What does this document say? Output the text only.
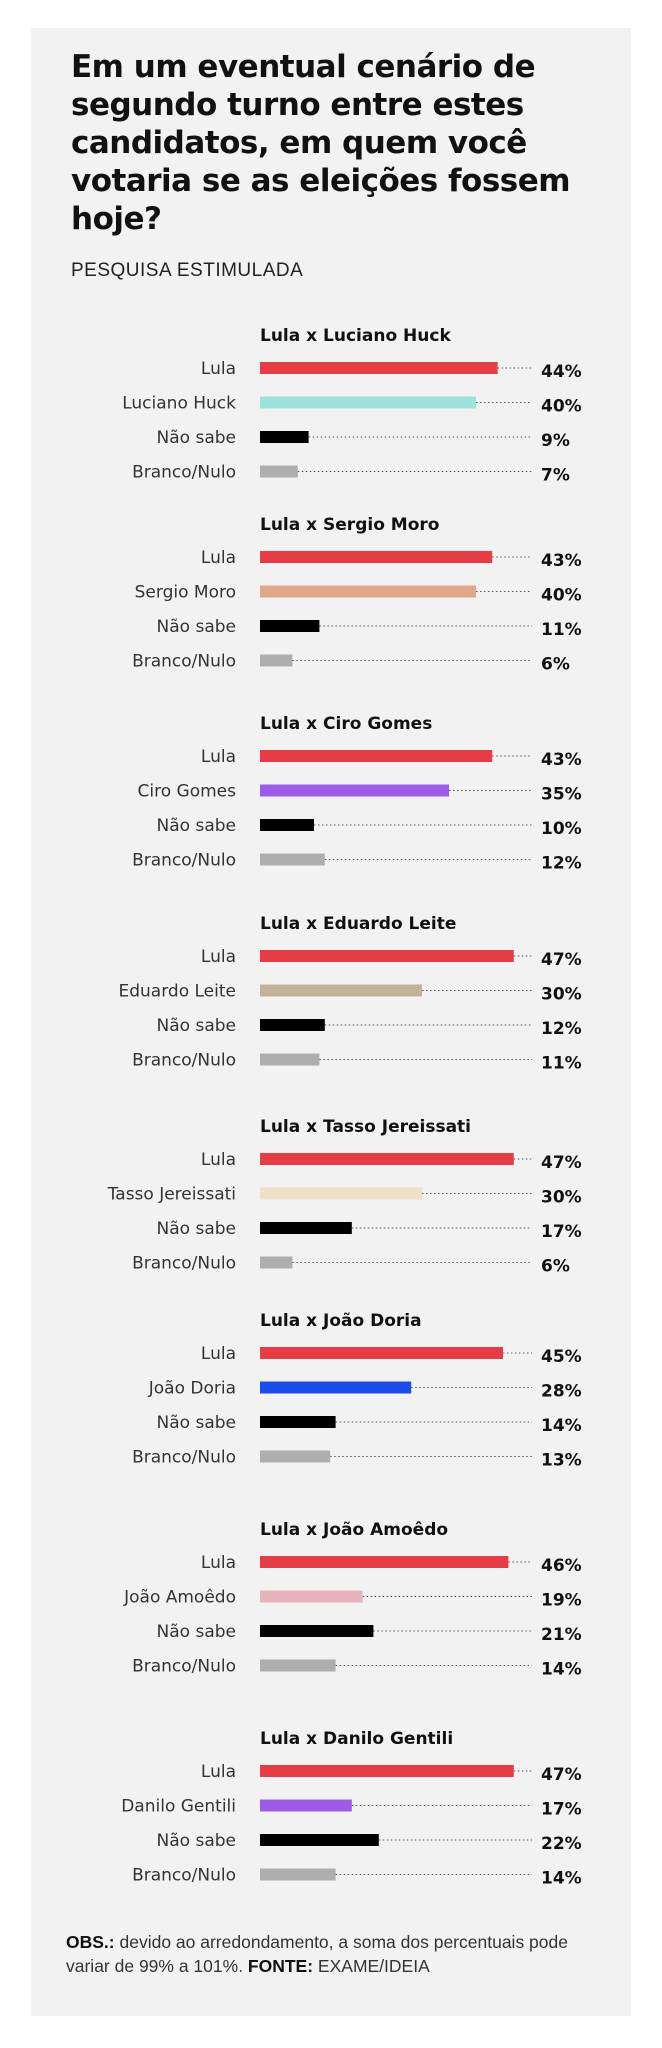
Em um eventual cenário de segundo turno entre estes candidatos, em quem você votaria se as eleições fossem hoje?
PESQUISA ESTIMULADA
Lula x Luciano Huck
Lula	44%
Luciano Huck	40%
Não sabe	9%
Branco/Nulo	7%
Lula x Sergio Moro
Lula	43%
Sergio Moro	40%
Não sabe	11%
Branco/Nulo	6%
Lula x Ciro Gomes
Lula	43%
Ciro Gomes	35%
Não sabe	10%
Branco/Nulo	12%
Lula x Eduardo Leite
Lula	47%
Eduardo Leite	30%
Não sabe	12%
Branco/Nulo	11%
Lula x Tasso Jereissati
Lula	47%
Tasso Jereissati	30%
Não sabe	17%
Branco/Nulo	6%
Lula x João Doria
Lula	45%
João Doria	28%
Não sabe	14%
Branco/Nulo	13%
Lula x João Amoêdo
Lula	46%
João Amoêdo	19%
Não sabe	21%
Branco/Nulo	14%
Lula x Danilo Gentili
Lula	47%
Danilo Gentili	17%
Não sabe	22%
Branco/Nulo	14%
OBS.: devido ao arredondamento, a soma dos percentuais pode variar de 99% a 101%. FONTE: EXAME/IDEIA
